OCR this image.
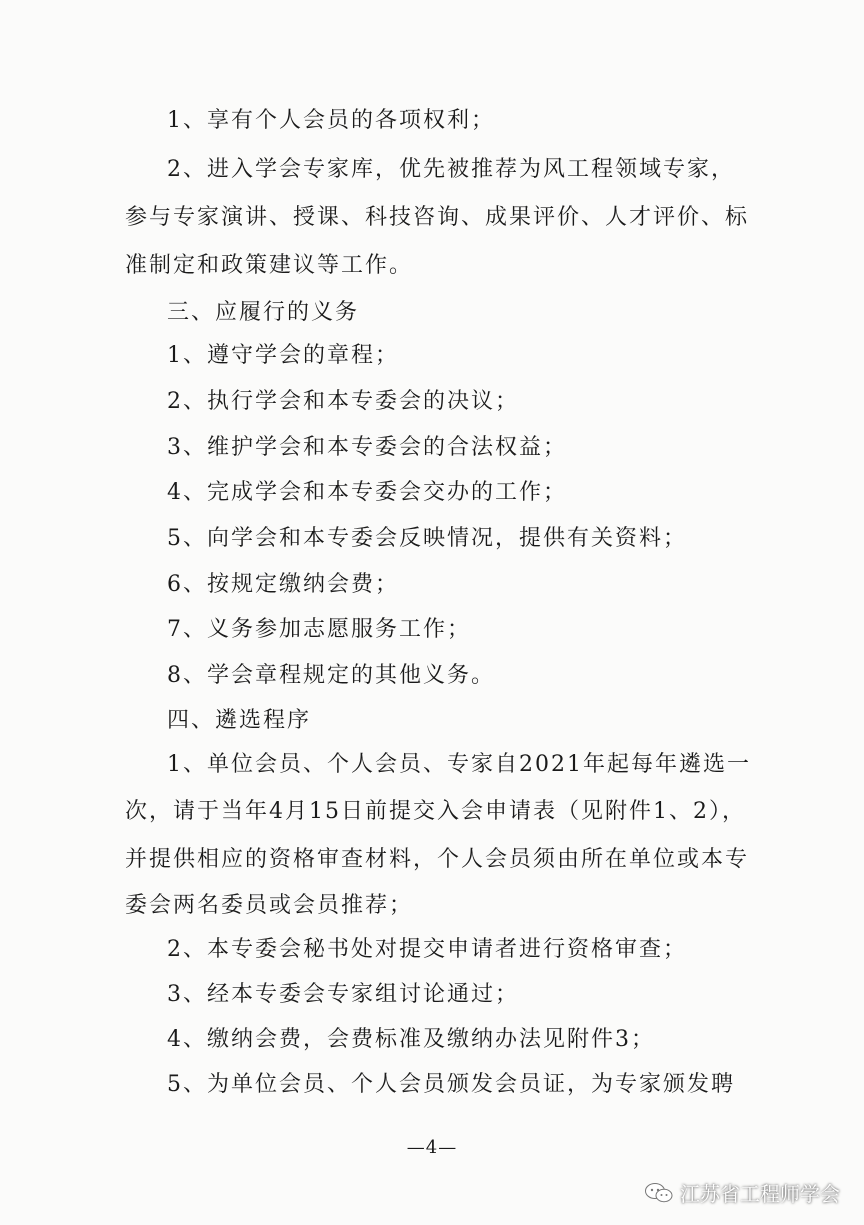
1、享有个人会员的各项权利；
2、进入学会专家库，优先被推荐为风工程领域专家，
参与专家演讲、授课、科技咨询、成果评价、人才评价、标
准制定和政策建议等工作。
三、应履行的义务
1、遵守学会的章程；
2、执行学会和本专委会的决议；
3、维护学会和本专委会的合法权益；
4、完成学会和本专委会交办的工作；
5、向学会和本专委会反映情况，提供有关资料；
6、按规定缴纳会费；
7、义务参加志愿服务工作；
8、学会章程规定的其他义务。
四、遴选程序
1、单位会员、个人会员、专家自2021年起每年遴选一
次，请于当年4月15日前提交入会申请表（见附件1、2），
并提供相应的资格审查材料，个人会员须由所在单位或本专
委会两名委员或会员推荐；
2、本专委会秘书处对提交申请者进行资格审查；
3、经本专委会专家组讨论通过；
4、缴纳会费，会费标准及缴纳办法见附件3；
5、为单位会员、个人会员颁发会员证，为专家颁发聘
—4—
江苏省工程师学会
